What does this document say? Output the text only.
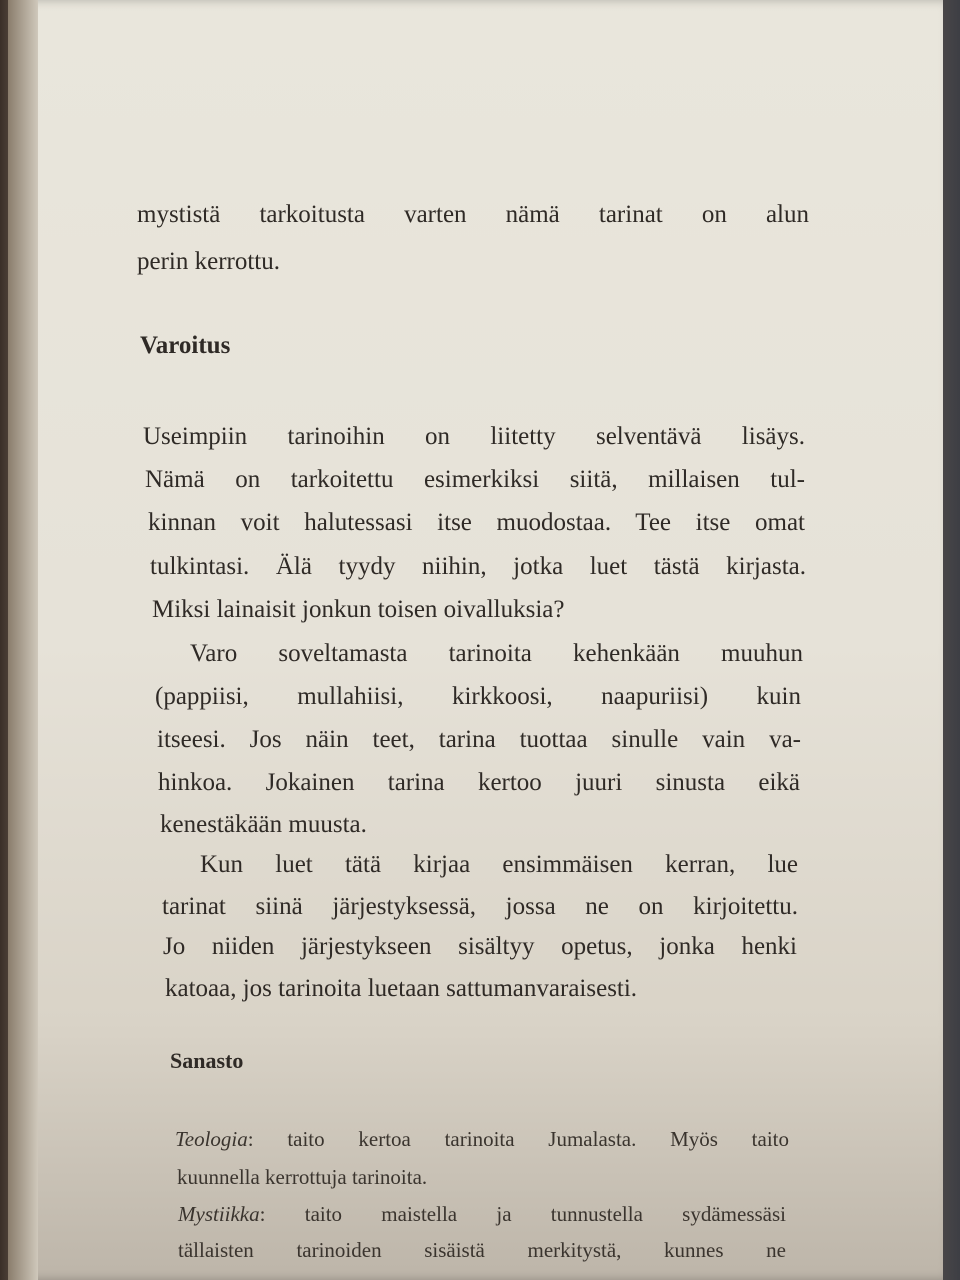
mystistä tarkoitusta varten nämä tarinat on alun
perin kerrottu.
Varoitus
Useimpiin tarinoihin on liitetty selventävä lisäys.
Nämä on tarkoitettu esimerkiksi siitä, millaisen tul-
kinnan voit halutessasi itse muodostaa. Tee itse omat
tulkintasi. Älä tyydy niihin, jotka luet tästä kirjasta.
Miksi lainaisit jonkun toisen oivalluksia?
Varo soveltamasta tarinoita kehenkään muuhun
(pappiisi, mullahiisi, kirkkoosi, naapuriisi) kuin
itseesi. Jos näin teet, tarina tuottaa sinulle vain va-
hinkoa. Jokainen tarina kertoo juuri sinusta eikä
kenestäkään muusta.
Kun luet tätä kirjaa ensimmäisen kerran, lue
tarinat siinä järjestyksessä, jossa ne on kirjoitettu.
Jo niiden järjestykseen sisältyy opetus, jonka henki
katoaa, jos tarinoita luetaan sattumanvaraisesti.
Sanasto
Teologia: taito kertoa tarinoita Jumalasta. Myös taito
kuunnella kerrottuja tarinoita.
Mystiikka: taito maistella ja tunnustella sydämessäsi
tällaisten tarinoiden sisäistä merkitystä, kunnes ne
